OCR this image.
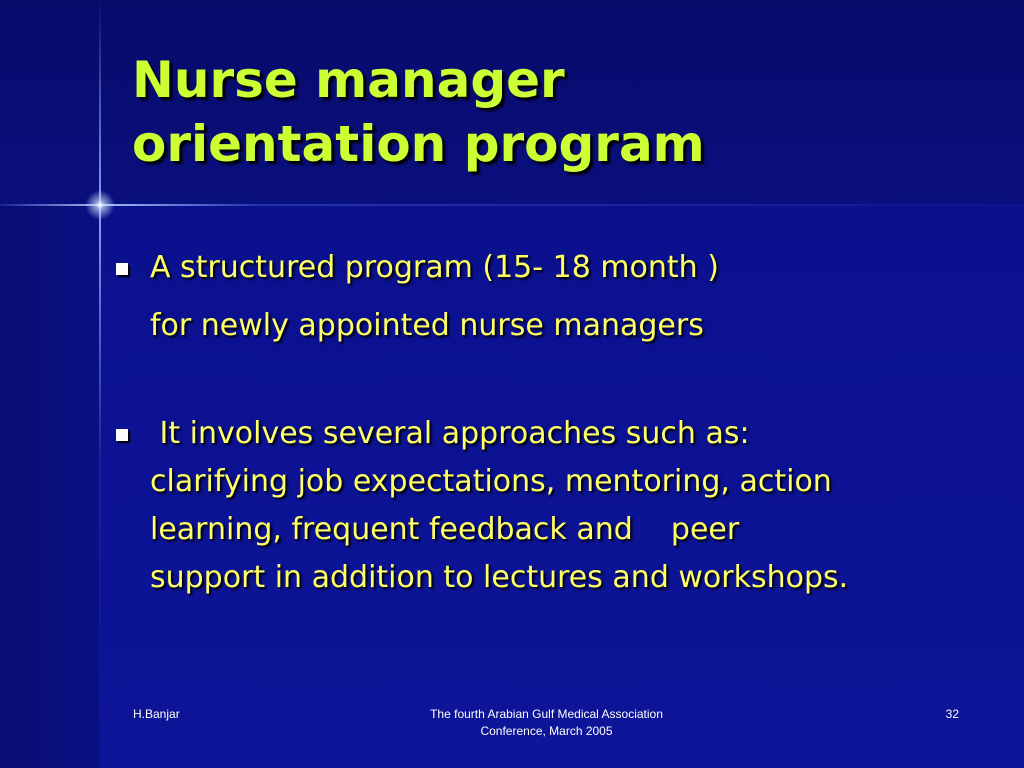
Nurse manager
orientation program
A structured program (15- 18 month )
for newly appointed nurse managers
It involves several approaches such as:
clarifying job expectations, mentoring, action
learning, frequent feedback and    peer
support in addition to lectures and workshops.
H.Banjar	The fourth Arabian Gulf Medical Association
Conference, March 2005
32
